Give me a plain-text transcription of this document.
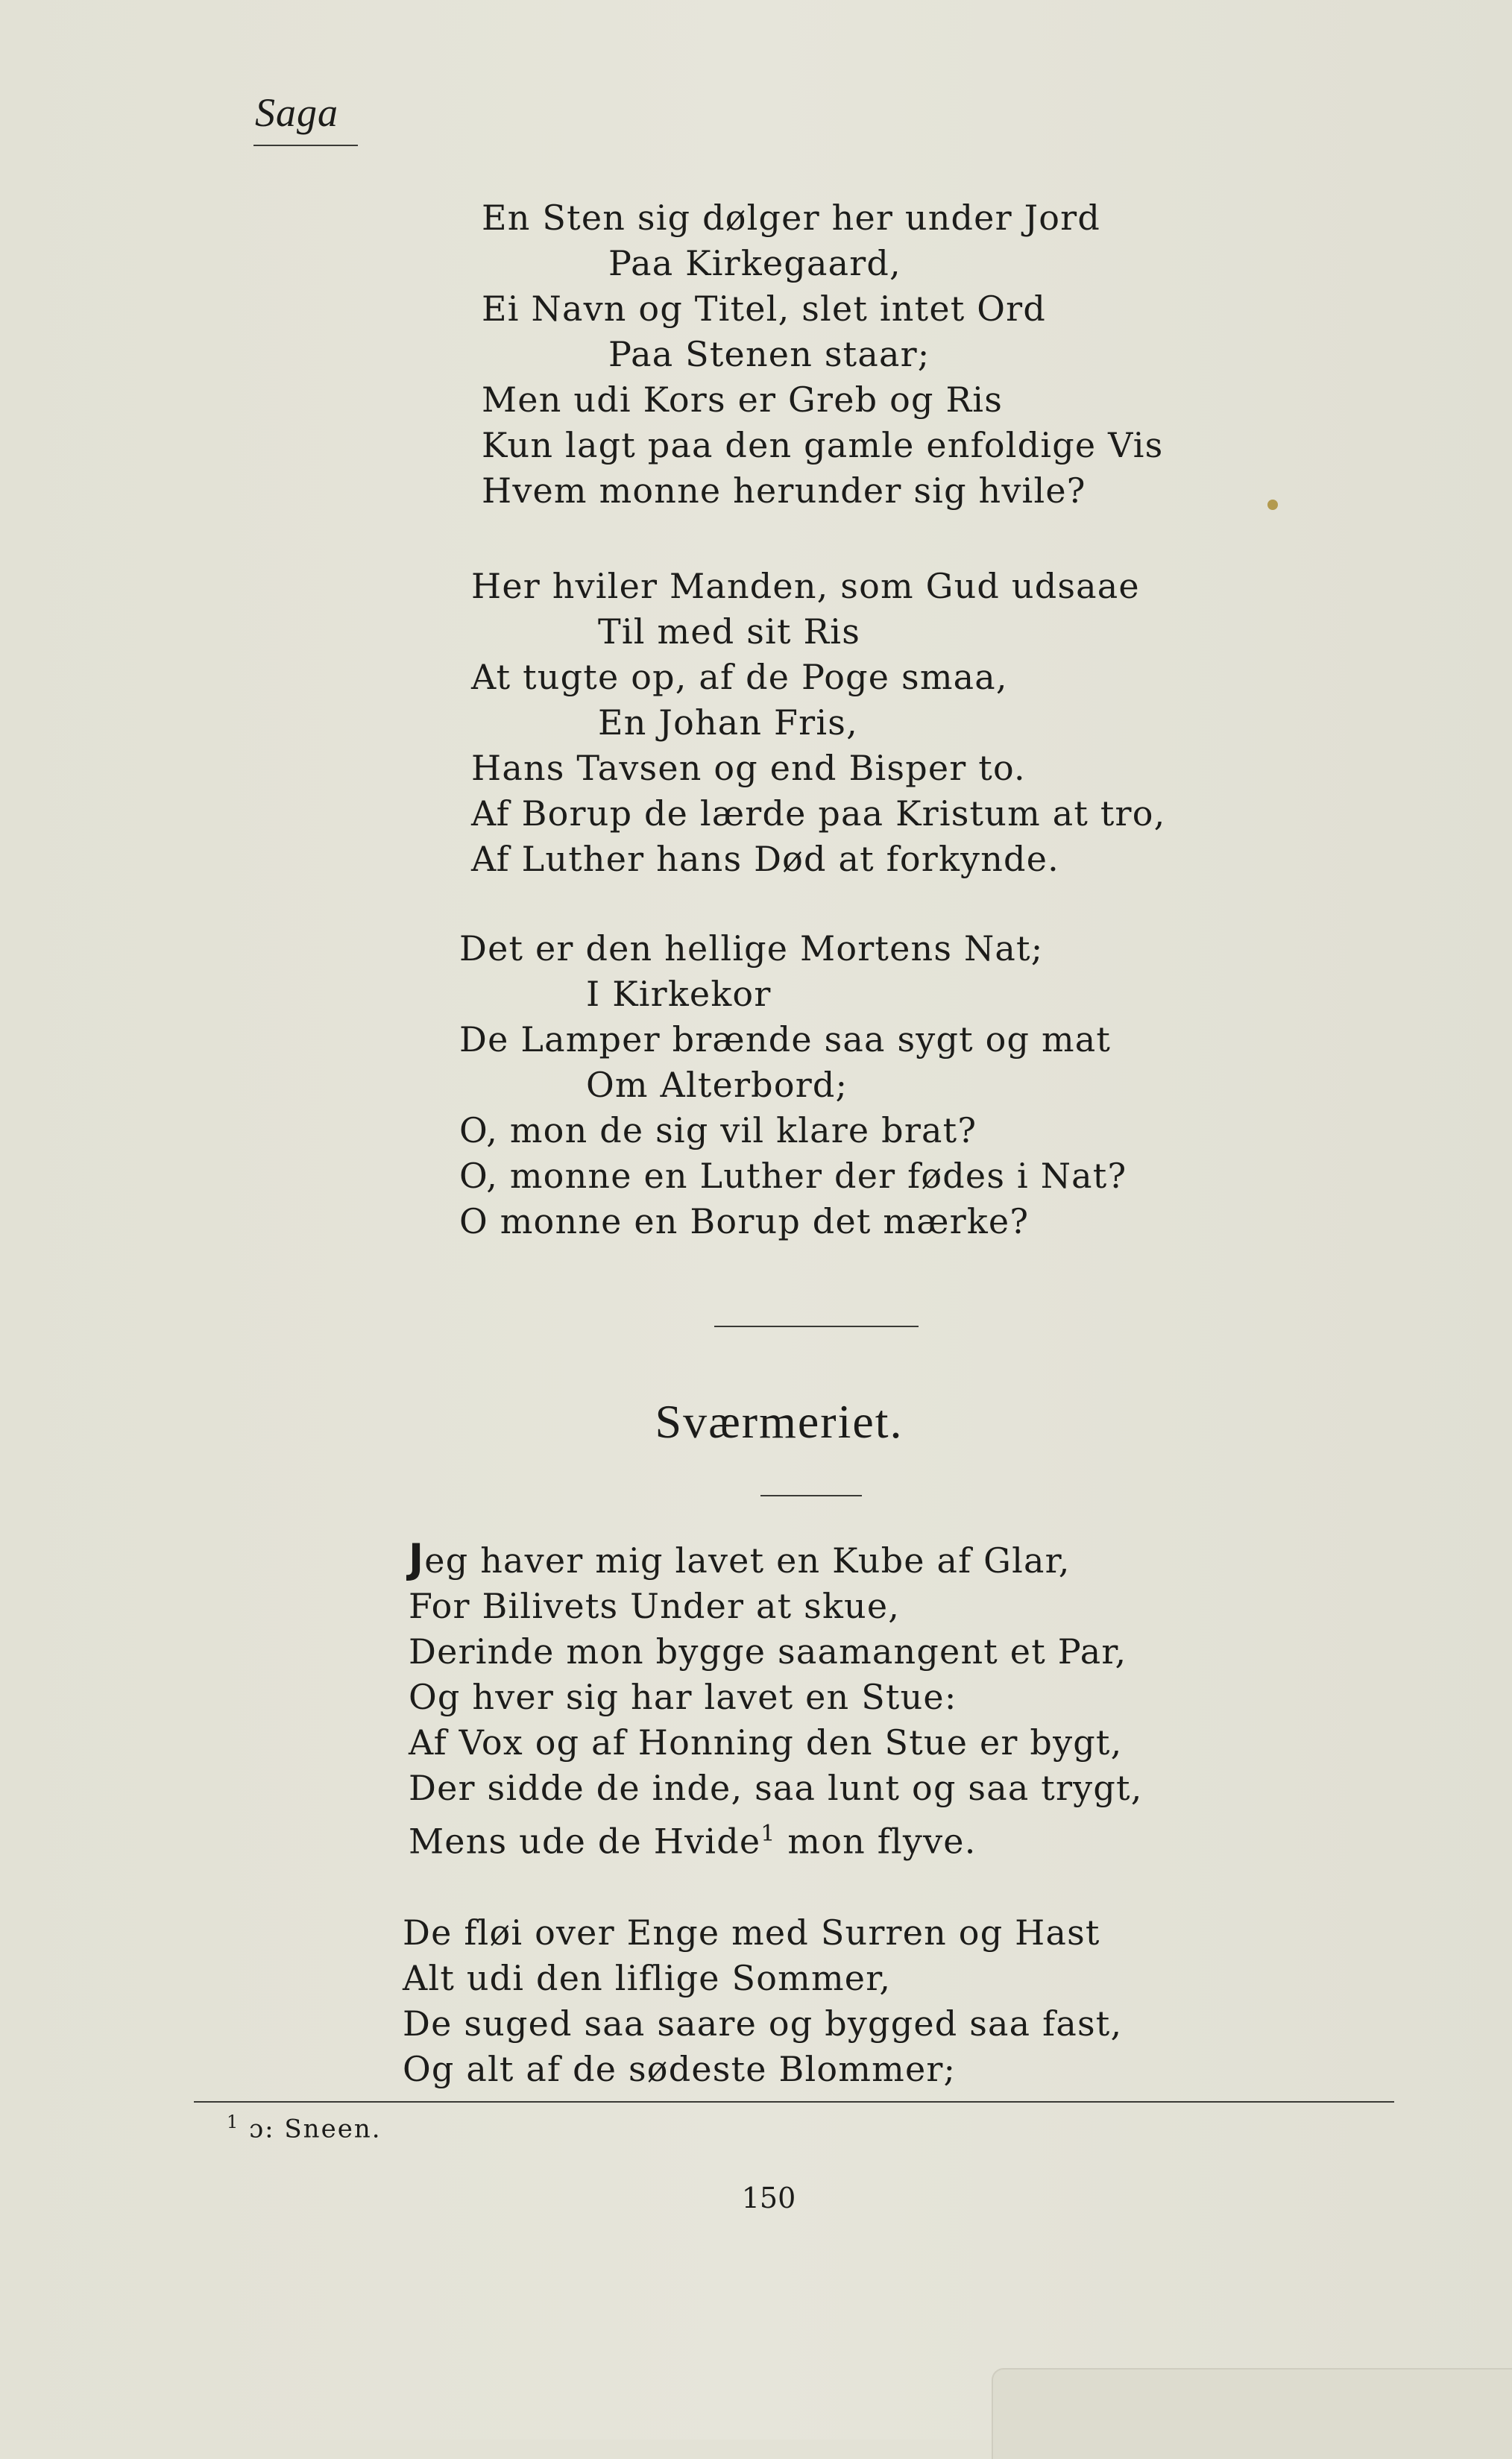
Saga
En Sten sig dølger her under Jord
Paa Kirkegaard,
Ei Navn og Titel, slet intet Ord
Paa Stenen staar;
Men udi Kors er Greb og Ris
Kun lagt paa den gamle enfoldige Vis
Hvem monne herunder sig hvile?
Her hviler Manden, som Gud udsaae
Til med sit Ris
At tugte op, af de Poge smaa,
En Johan Fris,
Hans Tavsen og end Bisper to.
Af Borup de lærde paa Kristum at tro,
Af Luther hans Død at forkynde.
Det er den hellige Mortens Nat;
I Kirkekor
De Lamper brænde saa sygt og mat
Om Alterbord;
O, mon de sig vil klare brat?
O, monne en Luther der fødes i Nat?
O monne en Borup det mærke?
Sværmeriet.
Jeg haver mig lavet en Kube af Glar,
For Bilivets Under at skue,
Derinde mon bygge saamangent et Par,
Og hver sig har lavet en Stue:
Af Vox og af Honning den Stue er bygt,
Der sidde de inde, saa lunt og saa trygt,
Mens ude de Hvide$^1$ mon flyve.
De fløi over Enge med Surren og Hast
Alt udi den liflige Sommer,
De suged saa saare og bygged saa fast,
Og alt af de sødeste Blommer;
$^1$ ɔ: Sneen.
150
